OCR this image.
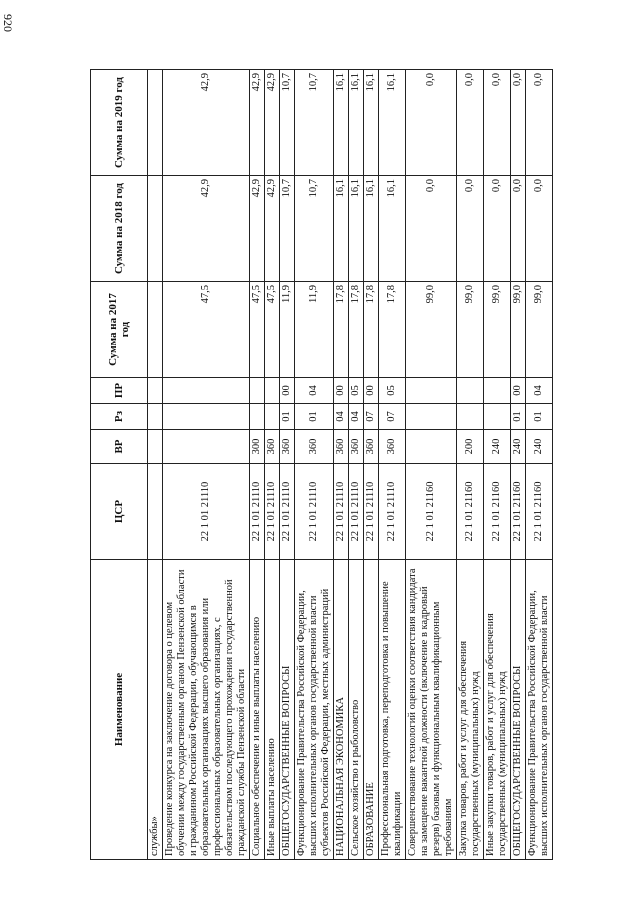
920
Наименование	ЦСР	ВР	Рз	ПР	Сумма на 2017 год	Сумма на 2018 год	Сумма на 2019 год
службы»							
Проведение конкурса на заключение договора о целевом обучении между государственным органом Пензенской области и гражданином Российской Федерации, обучающимся в образовательных организациях высшего образования или профессиональных образовательных организациях, с обязательством последующего прохождения государственной гражданской службы Пензенской области	22 1 01 21110				47,5	42,9	42,9
Социальное обеспечение и иные выплаты населению	22 1 01 21110	300			47,5	42,9	42,9
Иные выплаты населению	22 1 01 21110	360			47,5	42,9	42,9
ОБЩЕГОСУДАРСТВЕННЫЕ ВОПРОСЫ	22 1 01 21110	360	01	00	11,9	10,7	10,7
Функционирование Правительства Российской Федерации, высших исполнительных органов государственной власти субъектов Российской Федерации, местных администраций	22 1 01 21110	360	01	04	11,9	10,7	10,7
НАЦИОНАЛЬНАЯ ЭКОНОМИКА	22 1 01 21110	360	04	00	17,8	16,1	16,1
Сельское хозяйство и рыболовство	22 1 01 21110	360	04	05	17,8	16,1	16,1
ОБРАЗОВАНИЕ	22 1 01 21110	360	07	00	17,8	16,1	16,1
Профессиональная подготовка, переподготовка и повышение квалификации	22 1 01 21110	360	07	05	17,8	16,1	16,1
Совершенствование технологий оценки соответствия кандидата на замещение вакантной должности (включение в кадровый резерв) базовым и функциональным квалификационным требованиям	22 1 01 21160				99,0	0,0	0,0
Закупка товаров, работ и услуг для обеспечения государственных (муниципальных) нужд	22 1 01 21160	200			99,0	0,0	0,0
Иные закупки товаров, работ и услуг для обеспечения государственных (муниципальных) нужд	22 1 01 21160	240			99,0	0,0	0,0
ОБЩЕГОСУДАРСТВЕННЫЕ ВОПРОСЫ	22 1 01 21160	240	01	00	99,0	0,0	0,0
Функционирование Правительства Российской Федерации, высших исполнительных органов государственной власти	22 1 01 21160	240	01	04	99,0	0,0	0,0
